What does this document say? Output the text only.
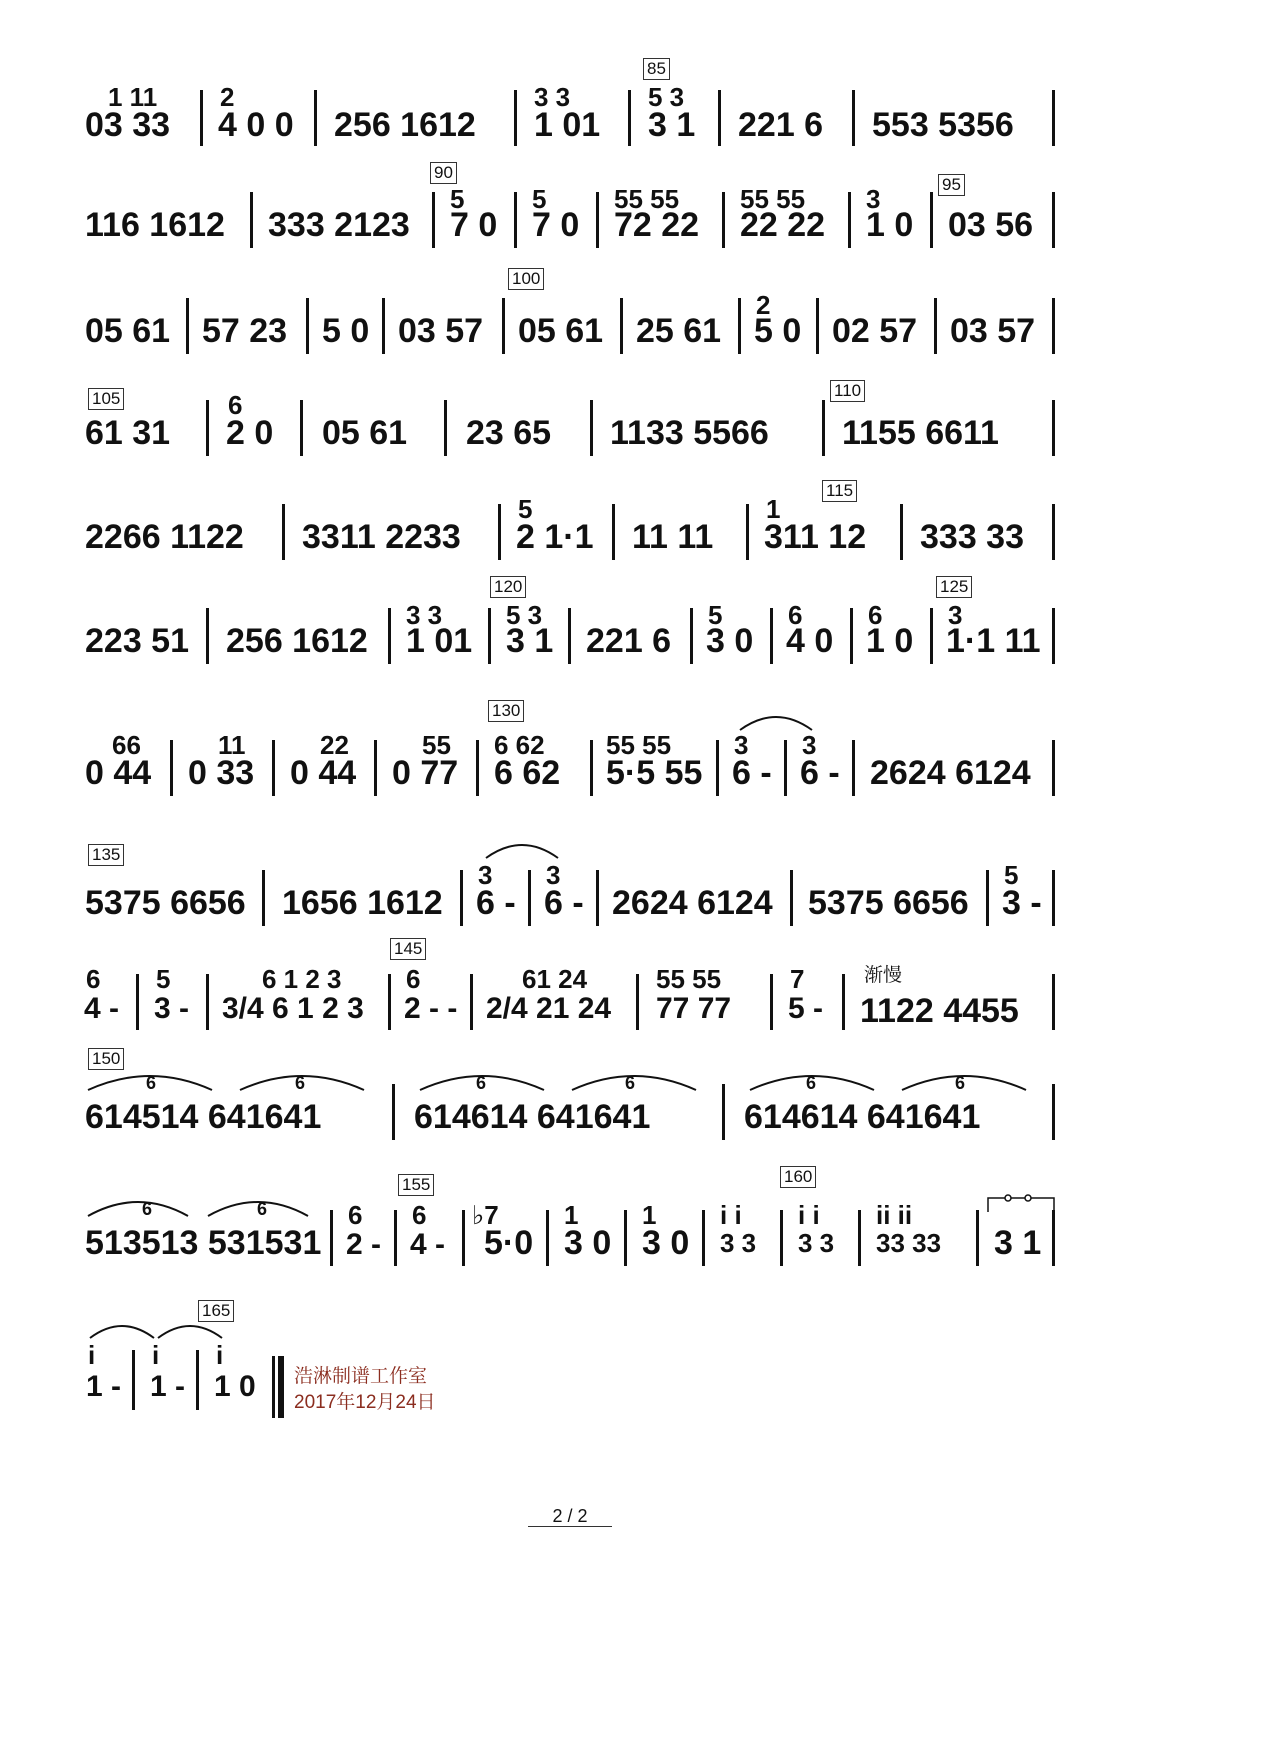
85
1 11
03 33
2
4 0 0 256 1612
3 3
1 01
5 3
3 1 221 6 553 5356
90
95
116 1612 333 2123
5
7 0
5
7 0
55 55
72 22
55 55
22 22
3
1 0 03 56
100
05 61 57 23 5 0 03 57 05 61 25 61
2
5 0 02 57 03 57
105	110
61 31
6
2 0 05 61 23 65 1133 5566 1155 6611
115
2266 1122 3311 2233
5
2 1·1 11 11
1
311 12 333 33
120	125
223 51 256 1612
3 3
1 01
5 3
3 1 221 6
5
3 0
6
4 0
6
1 0
3
1·1 11
130
66
0 44
11
0 33
22
0 44
55
0 77
6 62
6 62
55 55
5·5 55
3
6 -
3
6 - 2624 6124
135
5375 6656 1656 1612
3
6 -
3
6 - 2624 6124 5375 6656
5
3 -
145
渐慢
6
4 -
5
3 -
6 1 2 3
3/4 6 1 2 3
6
2 - -
61 24
2/4 21 24
55 55
77 77
7
5 - 1122 4455
150
6 6
614514 641641
6 6
614614 641641
6 6
614614 641641
155	160
6 6
513513 531531
6
2 -
6
4 -
♭7
5·0
1
3 0
1
3 0
i i
3 3
i i
3 3
ii ii
33 33 3 1
165
i
1 -
i
1 -
i
1 0 浩淋制谱工作室
2017年12月24日
2 / 2
